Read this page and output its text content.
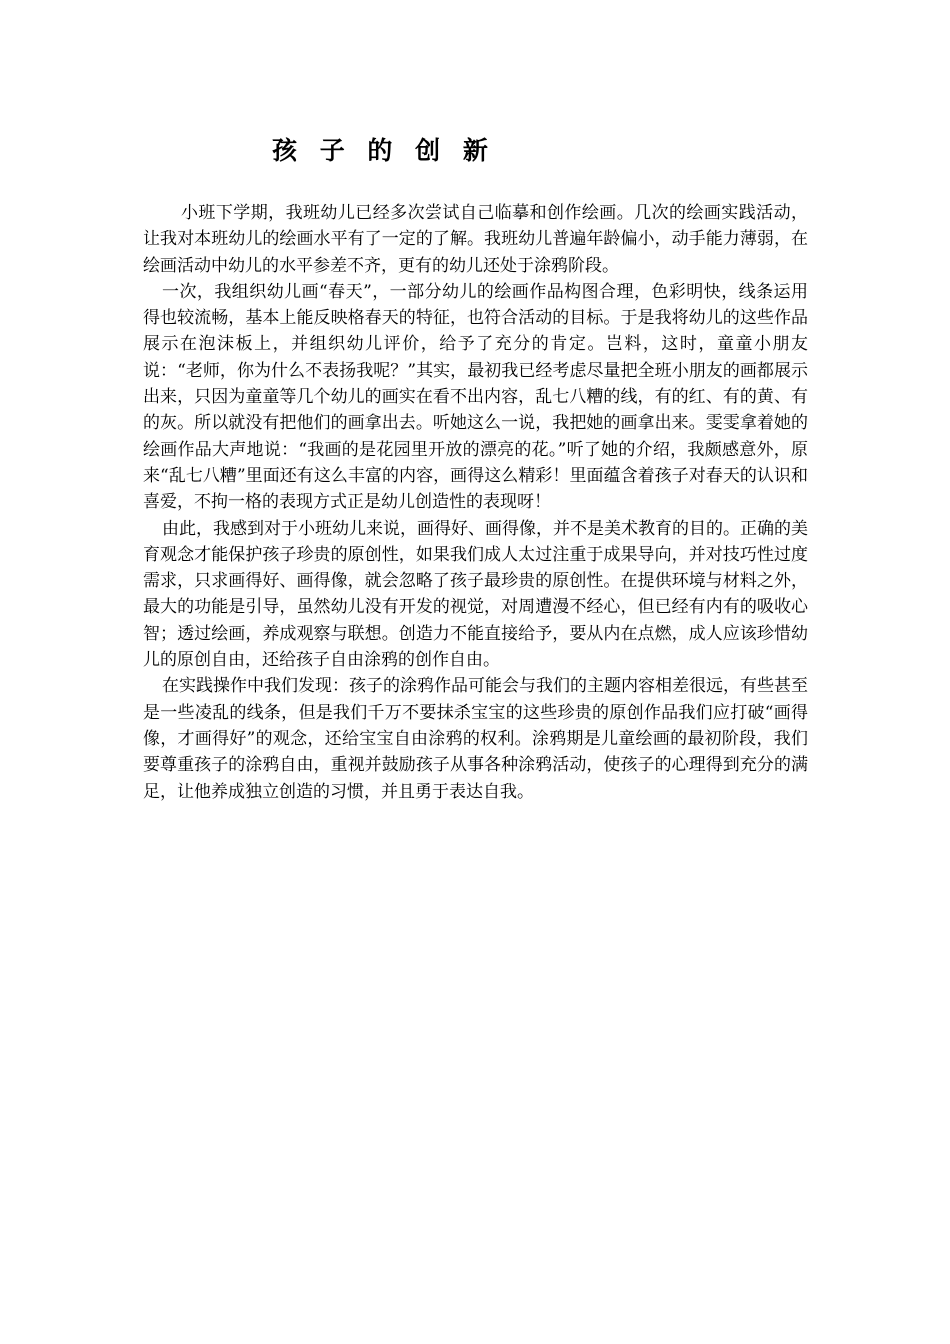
孩 子 的 创 新

小班下学期，我班幼儿已经多次尝试自己临摹和创作绘画。几次的绘画实践活动，让我对本班幼儿的绘画水平有了一定的了解。我班幼儿普遍年龄偏小，动手能力薄弱，在绘画活动中幼儿的水平参差不齐，更有的幼儿还处于涂鸦阶段。

一次，我组织幼儿画“春天”，一部分幼儿的绘画作品构图合理，色彩明快，线条运用得也较流畅，基本上能反映格春天的特征，也符合活动的目标。于是我将幼儿的这些作品展示在泡沫板上，并组织幼儿评价，给予了充分的肯定。岂料，这时，童童小朋友说：“老师，你为什么不表扬我呢？”其实，最初我已经考虑尽量把全班小朋友的画都展示出来，只因为童童等几个幼儿的画实在看不出内容，乱七八糟的线，有的红、有的黄、有的灰。所以就没有把他们的画拿出去。听她这么一说，我把她的画拿出来。雯雯拿着她的绘画作品大声地说：“我画的是花园里开放的漂亮的花。”听了她的介绍，我颇感意外，原来“乱七八糟”里面还有这么丰富的内容，画得这么精彩！里面蕴含着孩子对春天的认识和喜爱，不拘一格的表现方式正是幼儿创造性的表现呀！

由此，我感到对于小班幼儿来说，画得好、画得像，并不是美术教育的目的。正确的美育观念才能保护孩子珍贵的原创性，如果我们成人太过注重于成果导向，并对技巧性过度需求，只求画得好、画得像，就会忽略了孩子最珍贵的原创性。在提供环境与材料之外，最大的功能是引导，虽然幼儿没有开发的视觉，对周遭漫不经心，但已经有内有的吸收心智；透过绘画，养成观察与联想。创造力不能直接给予，要从内在点燃，成人应该珍惜幼儿的原创自由，还给孩子自由涂鸦的创作自由。

在实践操作中我们发现：孩子的涂鸦作品可能会与我们的主题内容相差很远，有些甚至是一些凌乱的线条，但是我们千万不要抹杀宝宝的这些珍贵的原创作品我们应打破“画得像，才画得好”的观念，还给宝宝自由涂鸦的权利。涂鸦期是儿童绘画的最初阶段，我们要尊重孩子的涂鸦自由，重视并鼓励孩子从事各种涂鸦活动，使孩子的心理得到充分的满足，让他养成独立创造的习惯，并且勇于表达自我。
